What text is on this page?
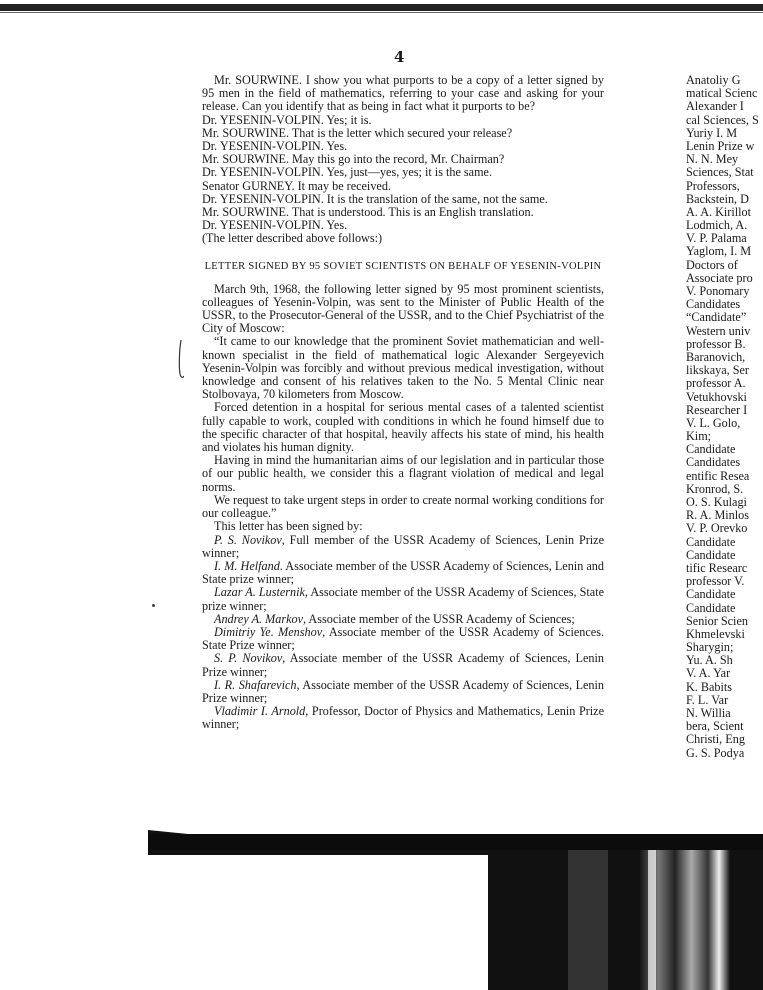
4

Mr. SOURWINE. I show you what purports to be a copy of a letter signed by 95 men in the field of mathematics, referring to your case and asking for your release. Can you identify that as being in fact what it purports to be?

Dr. YESENIN-VOLPIN. Yes; it is.

Mr. SOURWINE. That is the letter which secured your release?

Dr. YESENIN-VOLPIN. Yes.

Mr. SOURWINE. May this go into the record, Mr. Chairman?

Dr. YESENIN-VOLPIN. Yes, just—yes, yes; it is the same.

Senator GURNEY. It may be received.

Dr. YESENIN-VOLPIN. It is the translation of the same, not the same.

Mr. SOURWINE. That is understood. This is an English translation.

Dr. YESENIN-VOLPIN. Yes.

(The letter described above follows:)

LETTER SIGNED BY 95 SOVIET SCIENTISTS ON BEHALF OF YESENIN-VOLPIN

March 9th, 1968, the following letter signed by 95 most prominent scientists, colleagues of Yesenin-Volpin, was sent to the Minister of Public Health of the USSR, to the Prosecutor-General of the USSR, and to the Chief Psychiatrist of the City of Moscow:

“It came to our knowledge that the prominent Soviet mathematician and well-known specialist in the field of mathematical logic Alexander Sergeyevich Yesenin-Volpin was forcibly and without previous medical investigation, without knowledge and consent of his relatives taken to the No. 5 Mental Clinic near Stolbovaya, 70 kilometers from Moscow.

Forced detention in a hospital for serious mental cases of a talented scientist fully capable to work, coupled with conditions in which he found himself due to the specific character of that hospital, heavily affects his state of mind, his health and violates his human dignity.

Having in mind the humanitarian aims of our legislation and in particular those of our public health, we consider this a flagrant violation of medical and legal norms.

We request to take urgent steps in order to create normal working conditions for our colleague.”

This letter has been signed by:

P. S. Novikov, Full member of the USSR Academy of Sciences, Lenin Prize winner;

I. M. Helfand. Associate member of the USSR Academy of Sciences, Lenin and State prize winner;

Lazar A. Lusternik, Associate member of the USSR Academy of Sciences, State prize winner;

Andrey A. Markov, Associate member of the USSR Academy of Sciences;

Dimitriy Ye. Menshov, Associate member of the USSR Academy of Sciences. State Prize winner;

S. P. Novikov, Associate member of the USSR Academy of Sciences, Lenin Prize winner;

I. R. Shafarevich, Associate member of the USSR Academy of Sciences, Lenin Prize winner;

Vladimir I. Arnold, Professor, Doctor of Physics and Mathematics, Lenin Prize winner;

Anatoliy G
matical Scienc
Alexander I
cal Sciences, S
Yuriy I. M
Lenin Prize w
N. N. Mey
Sciences, Stat
Professors,
Backstein, D
A. A. Kirillot
Lodmich, A.
V. P. Palama
Yaglom, I. M
Doctors of
Associate pro
V. Ponomary
Candidates
“Candidate”
Western univ
professor B.
Baranovich,
likskaya, Ser
professor A.
Vetukhovski
Researcher I
V. L. Golo,
Kim;
Candidate
Candidates
entific Resea
Kronrod, S.
O. S. Kulagi
R. A. Minlos
V. P. Orevko
Candidate
Candidate
tific Researc
professor V.
Candidate
Candidate
Senior Scien
Khmelevski
Sharygin;
Yu. A. Sh
V. A. Yar
K. Babits
F. L. Var
N. Willia
bera, Scient
Christi, Eng
G. S. Podya
